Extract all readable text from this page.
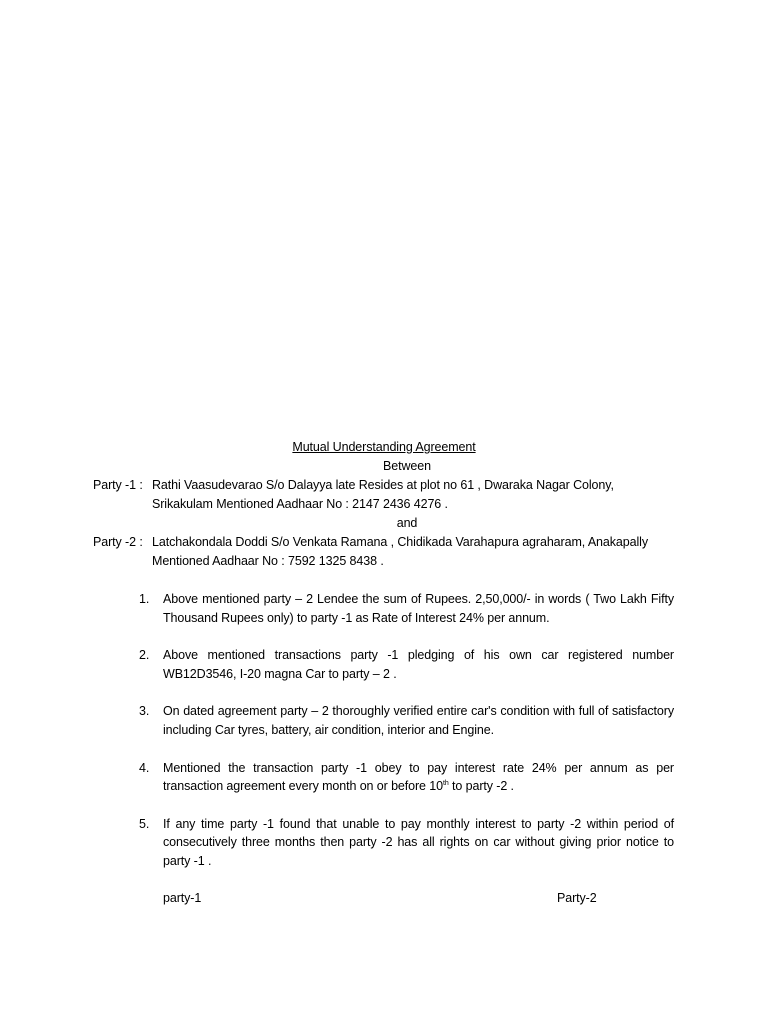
Mutual Understanding Agreement
Between
Party -1 : Rathi Vaasudevarao S/o Dalayya late Resides at plot no 61 , Dwaraka Nagar Colony,
Srikakulam Mentioned Aadhaar No : 2147 2436 4276 .
and
Party -2 : Latchakondala Doddi S/o Venkata Ramana , Chidikada Varahapura agraharam, Anakapally
Mentioned Aadhaar No : 7592 1325 8438 .
1. Above mentioned party – 2 Lendee the sum of Rupees. 2,50,000/- in words ( Two Lakh Fifty Thousand Rupees only) to party -1 as Rate of Interest 24% per annum.
2. Above mentioned transactions party -1 pledging of his own car registered number WB12D3546, I-20 magna Car to party – 2 .
3. On dated agreement party – 2 thoroughly verified entire car's condition with full of satisfactory including Car tyres, battery, air condition, interior and Engine.
4. Mentioned the transaction party -1 obey to pay interest rate 24% per annum as per transaction agreement every month on or before 10th to party -2 .
5. If any time party -1 found that unable to pay monthly interest to party -2 within period of consecutively three months then party -2 has all rights on car without giving prior notice to party -1 .
party-1	Party-2
